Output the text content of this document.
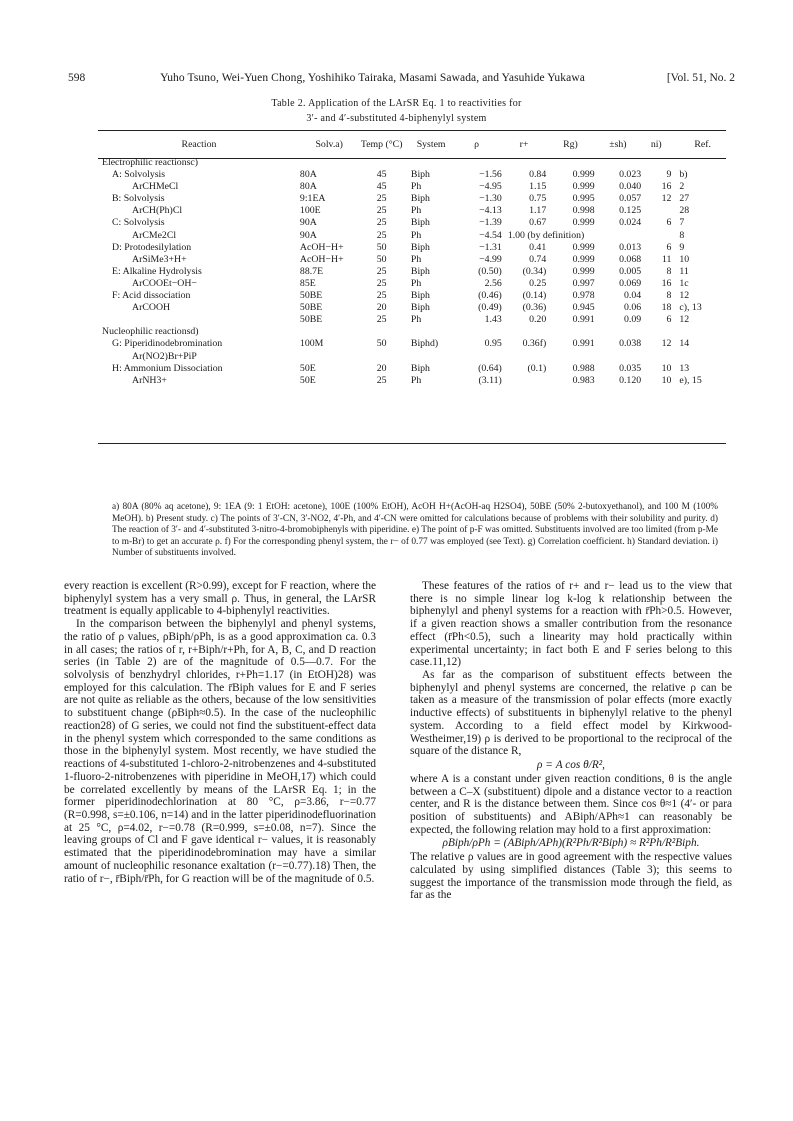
598	Yuho Tsuno, Wei-Yuen Chong, Yoshihiko Tairaka, Masami Sawada, and Yasuhide Yukawa	[Vol. 51, No. 2
Table 2. Application of the LArSR Eq. 1 to reactivities for
3′- and 4′-substituted 4-biphenylyl system
Reaction	Solv.a)	Temp (°C)	System	ρ	r+	Rg)	±sh)	ni)	Ref.
Electrophilic reactionsc)									
A: Solvolysis	80A	45	Biph	−1.56	0.84	0.999	0.023	9	b)
ArCHMeCl	80A	45	Ph	−4.95	1.15	0.999	0.040	16	2
B: Solvolysis	9:1EA	25	Biph	−1.30	0.75	0.995	0.057	12	27
ArCH(Ph)Cl	100E	25	Ph	−4.13	1.17	0.998	0.125		28
C: Solvolysis	90A	25	Biph	−1.39	0.67	0.999	0.024	6	7
ArCMe2Cl	90A	25	Ph	−4.54	1.00 (by definition)				8
D: Protodesilylation	AcOH−H+	50	Biph	−1.31	0.41	0.999	0.013	6	9
ArSiMe3+H+	AcOH−H+	50	Ph	−4.99	0.74	0.999	0.068	11	10
E: Alkaline Hydrolysis	88.7E	25	Biph	(0.50)	(0.34)	0.999	0.005	8	11
ArCOOEt−OH−	85E	25	Ph	2.56	0.25	0.997	0.069	16	1c
F: Acid dissociation	50BE	25	Biph	(0.46)	(0.14)	0.978	0.04	8	12
ArCOOH	50BE	20	Biph	(0.49)	(0.36)	0.945	0.06	18	c), 13
	50BE	25	Ph	1.43	0.20	0.991	0.09	6	12
Nucleophilic reactionsd)									
G: Piperidinodebromination	100M	50	Biphd)	0.95	0.36f)	0.991	0.038	12	14
Ar(NO2)Br+PiP									
H: Ammonium Dissociation	50E	20	Biph	(0.64)	(0.1)	0.988	0.035	10	13
ArNH3+	50E	25	Ph	(3.11)		0.983	0.120	10	e), 15
a) 80A (80% aq acetone), 9: 1EA (9: 1 EtOH: acetone), 100E (100% EtOH), AcOH H+(AcOH-aq H2SO4), 50BE (50% 2-butoxyethanol), and 100 M (100% MeOH). b) Present study. c) The points of 3′-CN, 3′-NO2, 4′-Ph, and 4′-CN were omitted for calculations because of problems with their solubility and purity. d) The reaction of 3′- and 4′-substituted 3-nitro-4-bromobiphenyls with piperidine. e) The point of p-F was omitted. Substituents involved are too limited (from p-Me to m-Br) to get an accurate ρ. f) For the corresponding phenyl system, the r− of 0.77 was employed (see Text). g) Correlation coefficient. h) Standard deviation. i) Number of substituents involved.

every reaction is excellent (R>0.99), except for F reaction, where the biphenylyl system has a very small ρ. Thus, in general, the LArSR treatment is equally applicable to 4-biphenylyl reactivities.

In the comparison between the biphenylyl and phenyl systems, the ratio of ρ values, ρBiph/ρPh, is as a good approximation ca. 0.3 in all cases; the ratios of r, r+Biph/r+Ph, for A, B, C, and D reaction series (in Table 2) are of the magnitude of 0.5—0.7. For the solvolysis of benzhydryl chlorides, r+Ph=1.17 (in EtOH)28) was employed for this calculation. The r̄Biph values for E and F series are not quite as reliable as the others, because of the low sensitivities to substituent change (ρBiph≈0.5). In the case of the nucleophilic reaction28) of G series, we could not find the substituent-effect data in the phenyl system which corresponded to the same conditions as those in the biphenylyl system. Most recently, we have studied the reactions of 4-substituted 1-chloro-2-nitrobenzenes and 4-substituted 1-fluoro-2-nitrobenzenes with piperidine in MeOH,17) which could be correlated excellently by means of the LArSR Eq. 1; in the former piperidinodechlorination at 80 °C, ρ=3.86, r−=0.77 (R=0.998, s=±0.106, n=14) and in the latter piperidinodefluorination at 25 °C, ρ=4.02, r−=0.78 (R=0.999, s=±0.08, n=7). Since the leaving groups of Cl and F gave identical r− values, it is reasonably estimated that the piperidinodebromination may have a similar amount of nucleophilic resonance exaltation (r−=0.77).18) Then, the ratio of r−, r̄Biph/r̄Ph, for G reaction will be of the magnitude of 0.5.

These features of the ratios of r+ and r− lead us to the view that there is no simple linear log k-log k relationship between the biphenylyl and phenyl systems for a reaction with r̄Ph>0.5. However, if a given reaction shows a smaller contribution from the resonance effect (r̄Ph<0.5), such a linearity may hold practically within experimental uncertainty; in fact both E and F series belong to this case.11,12)

As far as the comparison of substituent effects between the biphenylyl and phenyl systems are concerned, the relative ρ can be taken as a measure of the transmission of polar effects (more exactly inductive effects) of substituents in biphenylyl relative to the phenyl system. According to a field effect model by Kirkwood-Westheimer,19) ρ is derived to be proportional to the reciprocal of the square of the distance R,

ρ = A cos θ/R²,

where A is a constant under given reaction conditions, θ is the angle between a C–X (substituent) dipole and a distance vector to a reaction center, and R is the distance between them. Since cos θ≈1 (4′- or para position of substituents) and ABiph/APh≈1 can reasonably be expected, the following relation may hold to a first approximation:

ρBiph/ρPh = (ABiph/APh)(R²Ph/R²Biph) ≈ R²Ph/R²Biph.

The relative ρ values are in good agreement with the respective values calculated by using simplified distances (Table 3); this seems to suggest the importance of the transmission mode through the field, as far as the
